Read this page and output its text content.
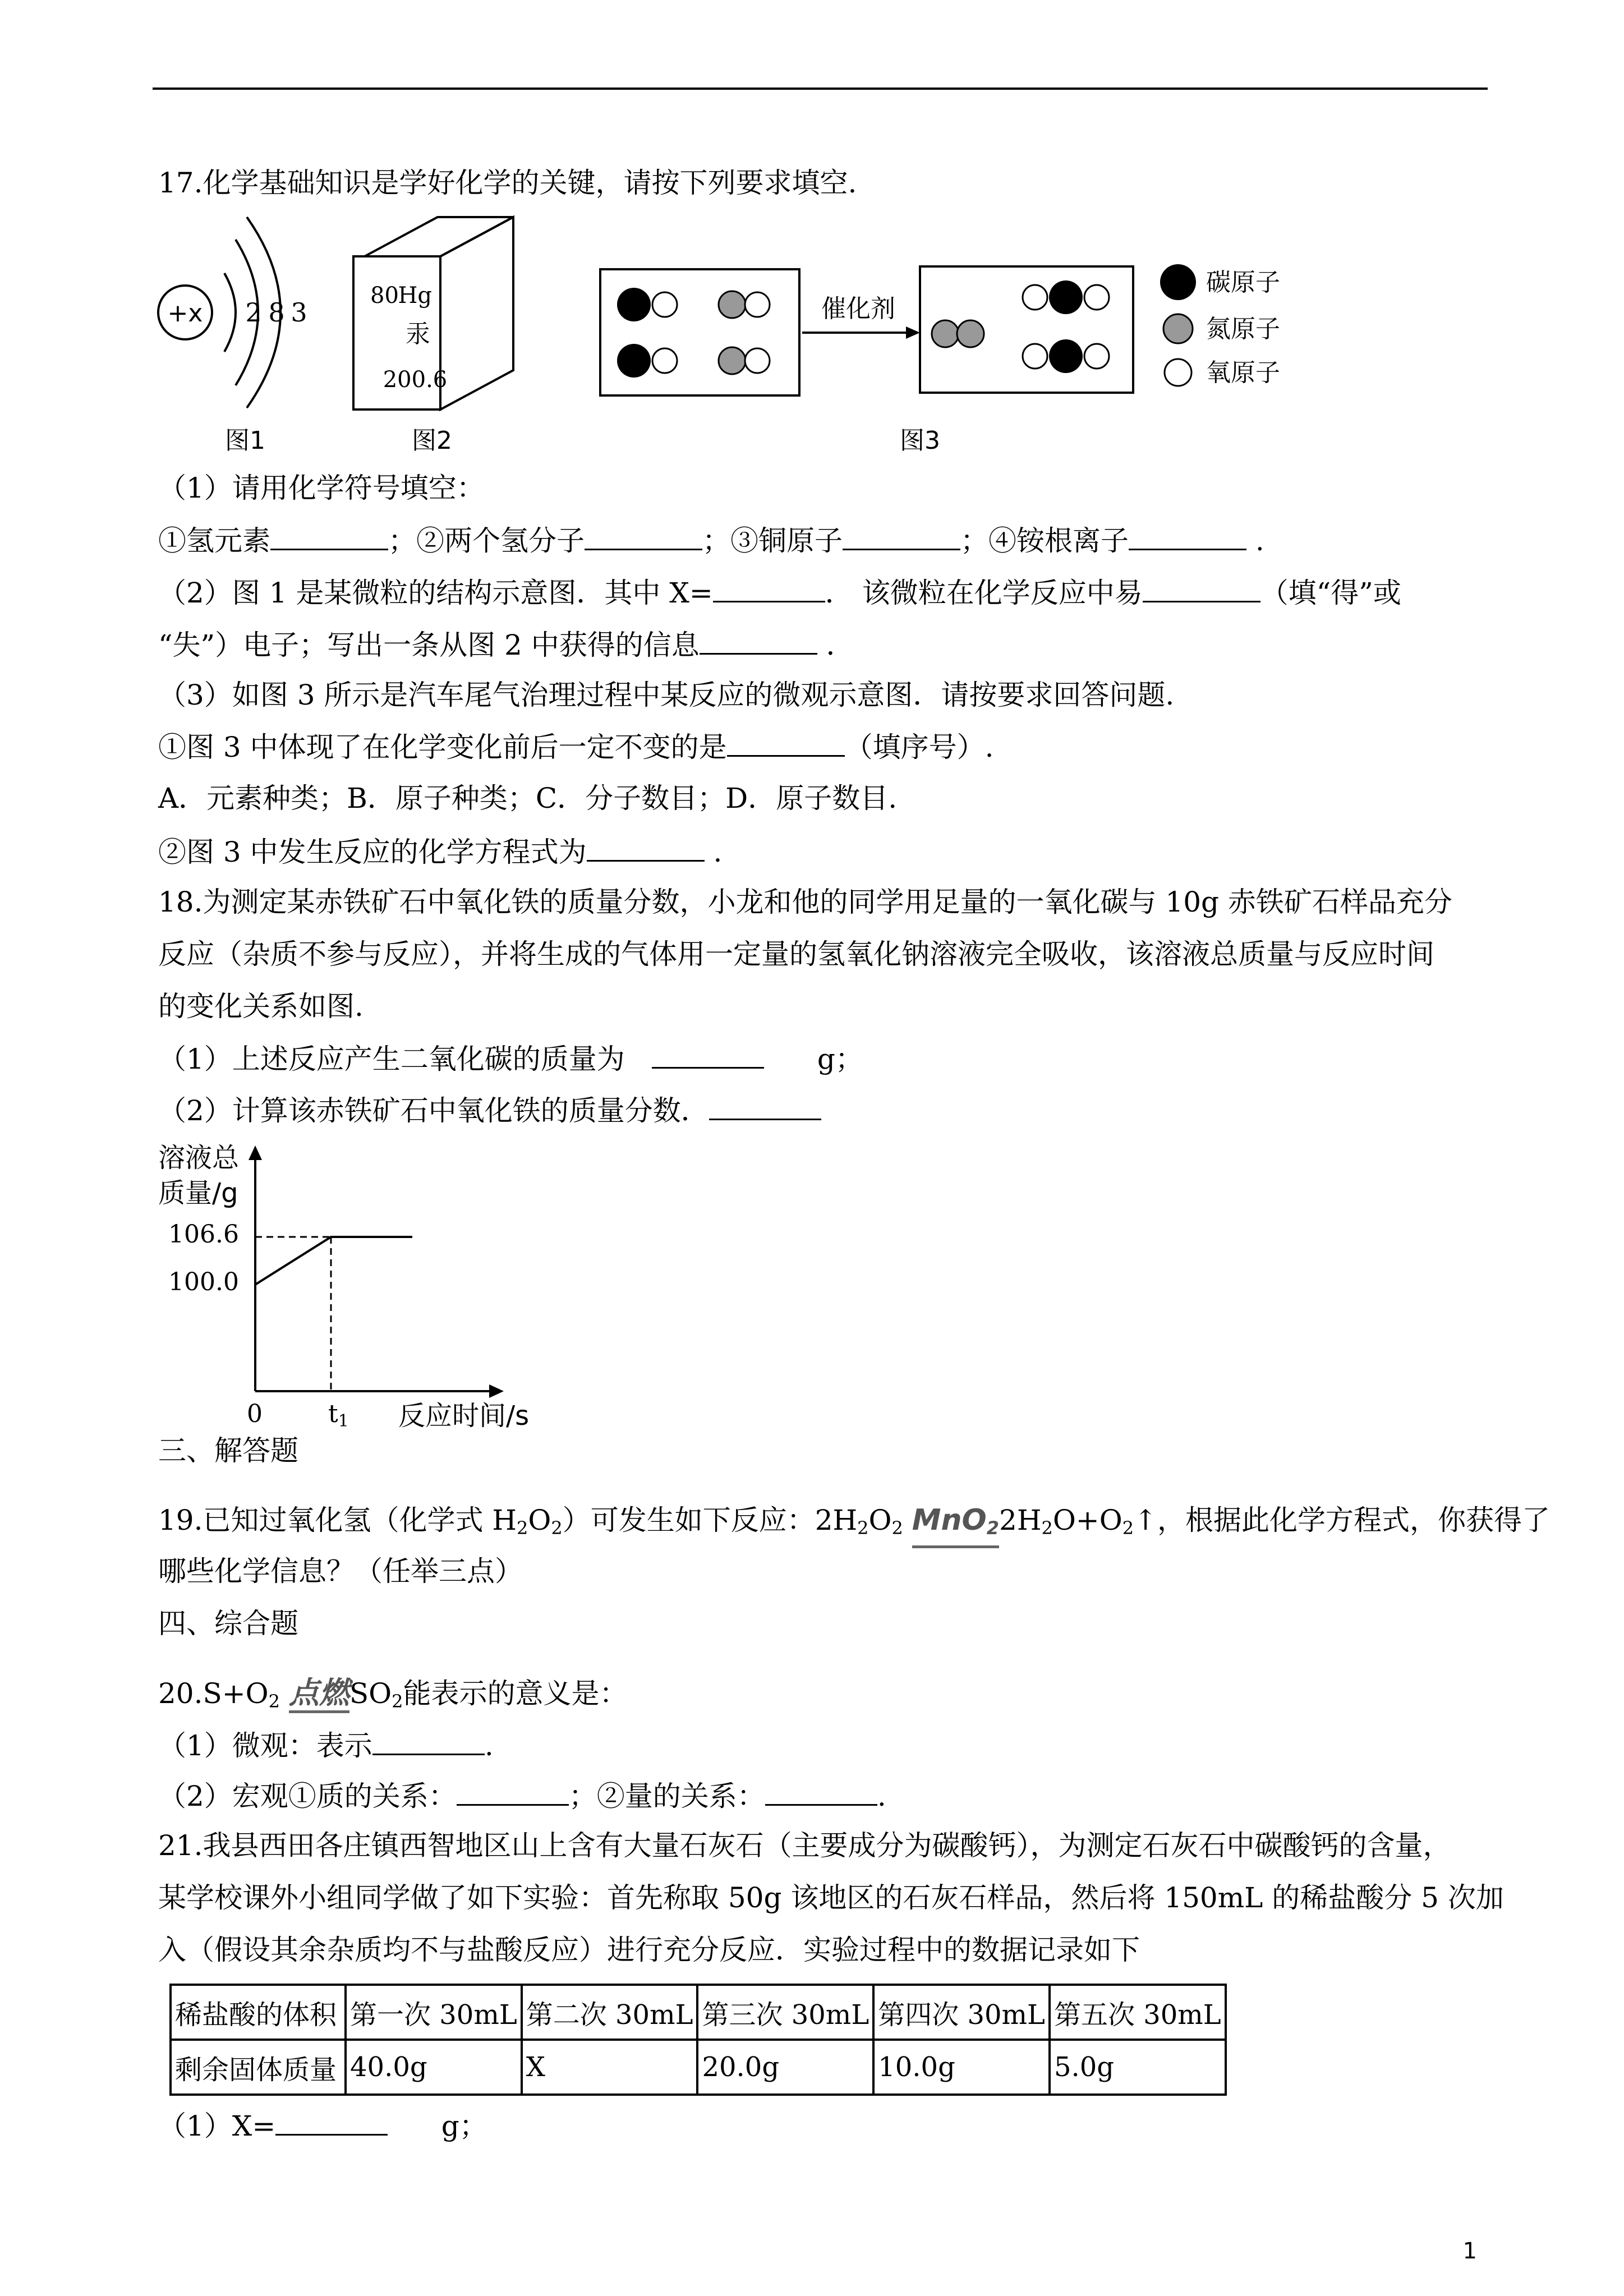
17.化学基础知识是学好化学的关键，请按下列要求填空.
+x 2 8 3
图1
80
Hg
汞
200.6
图2
催化剂
碳原子
氮原子
氧原子
图3
（1）请用化学符号填空：
①氢元素	；②两个氢分子	；③铜原子	；④铵根离子	.
（2）图 1 是某微粒的结构示意图．其中 X=	． 该微粒在化学反应中易	（填“得”或
“失”）电子；写出一条从图 2 中获得的信息	．
（3）如图 3 所示是汽车尾气治理过程中某反应的微观示意图．请按要求回答问题.
①图 3 中体现了在化学变化前后一定不变的是	（填序号）.
A．元素种类；B．原子种类；C．分子数目；D．原子数目.
②图 3 中发生反应的化学方程式为	.
18.为测定某赤铁矿石中氧化铁的质量分数，小龙和他的同学用足量的一氧化碳与 10g 赤铁矿石样品充分
反应（杂质不参与反应），并将生成的气体用一定量的氢氧化钠溶液完全吸收，该溶液总质量与反应时间
的变化关系如图.
（1）上述反应产生二氧化碳的质量为	g；
（2）计算该赤铁矿石中氧化铁的质量分数．
溶液总
质量/g
106.6
100.0
0	t1 反应时间/s
三、解答题
19.已知过氧化氢（化学式 $H_2O_2$）可发生如下反应：$2H_2O_2$ MnO$_2$
$2H_2O+O_2↑$，根据此化学方程式，你获得了
哪些化学信息？（任举三点）
四、综合题
$20.S+O_2$ 点燃
$SO_2$能表示的意义是：
（1）微观：表示	.
（2）宏观①质的关系：	；②量的关系：	.
21.我县西田各庄镇西智地区山上含有大量石灰石（主要成分为碳酸钙），为测定石灰石中碳酸钙的含量，
某学校课外小组同学做了如下实验：首先称取 50g 该地区的石灰石样品，然后将 150mL 的稀盐酸分 5 次加
入（假设其余杂质均不与盐酸反应）进行充分反应．实验过程中的数据记录如下
稀盐酸的体积	第一次 30mL	第二次 30mL	第三次 30mL	第四次 30mL	第五次 30mL
剩余固体质量	40.0g	X	20.0g	10.0g	5.0g
（1）X=	g；
1
